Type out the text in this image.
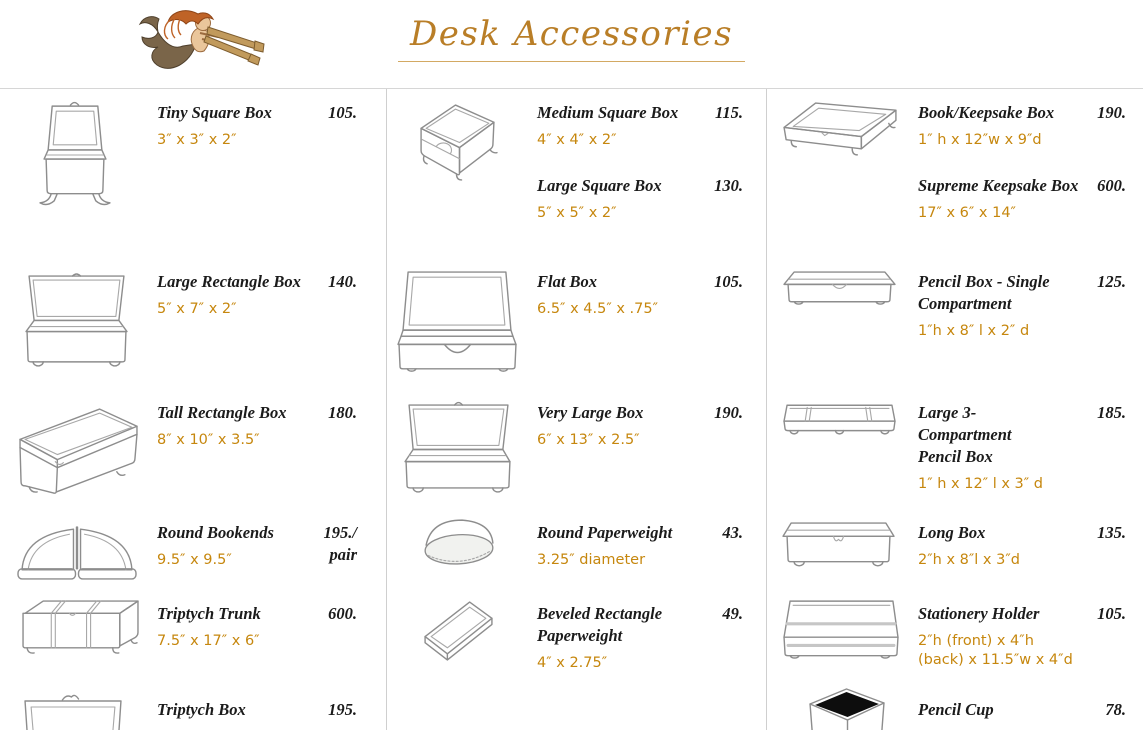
Desk Accessories
105.
Tiny Square Box
3″ x 3″ x 2″
140.
Large Rectangle Box
5″ x 7″ x 2″
180.
Tall Rectangle Box
8″ x 10″ x 3.5″
195./ pair
Round Bookends
9.5″ x 9.5″
600.
Triptych Trunk
7.5″ x 17″ x 6″
195.
Triptych Box
115.
Medium Square Box
4″ x 4″ x 2″
130.
Large Square Box
5″ x 5″ x 2″
105.
Flat Box
6.5″ x 4.5″ x .75″
190.
Very Large Box
6″ x 13″ x 2.5″
43.
Round Paperweight
3.25″ diameter
49.
Beveled Rectangle Paperweight
4″ x 2.75″
190.
Book/Keepsake Box
1″ h x 12″w x 9″d
600.
Supreme Keepsake Box
17″ x 6″ x 14″
125.
Pencil Box - Single Compartment
1″h x 8″ l x 2″ d
185.
Large 3-Compartment Pencil Box
1″ h x 12″ l x 3″ d
135.
Long Box
2″h x 8″l x 3″d
105.
Stationery Holder
2″h (front) x 4″h (back) x 11.5″w x 4″d
78.
Pencil Cup
